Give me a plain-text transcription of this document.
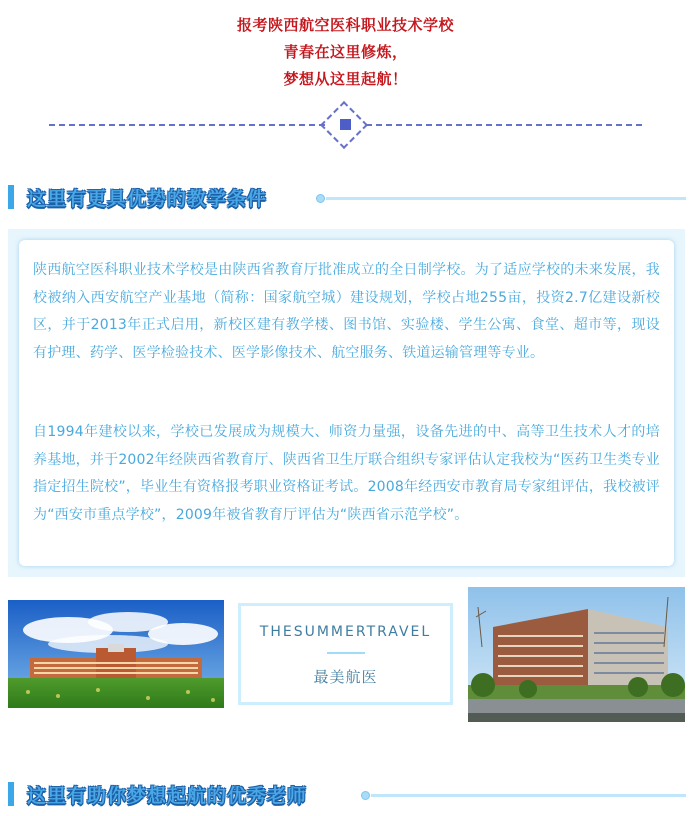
报考陕西航空医科职业技术学校
青春在这里修炼，
梦想从这里起航！
这里有更具优势的教学条件
陕西航空医科职业技术学校是由陕西省教育厅批准成立的全日制学校。为了适应学校的未来发展，我校被纳入西安航空产业基地（简称：国家航空城）建设规划，学校占地255亩，投资2.7亿建设新校区，并于2013年正式启用，新校区建有教学楼、图书馆、实验楼、学生公寓、食堂、超市等，现设有护理、药学、医学检验技术、医学影像技术、航空服务、铁道运输管理等专业。
自1994年建校以来，学校已发展成为规模大、师资力量强，设备先进的中、高等卫生技术人才的培养基地，并于2002年经陕西省教育厅、陕西省卫生厅联合组织专家评估认定我校为“医药卫生类专业指定招生院校”，毕业生有资格报考职业资格证考试。2008年经西安市教育局专家组评估，我校被评为“西安市重点学校”，2009年被省教育厅评估为“陕西省示范学校”。
THESUMMERTRAVEL
最美航医
这里有助你梦想起航的优秀老师
